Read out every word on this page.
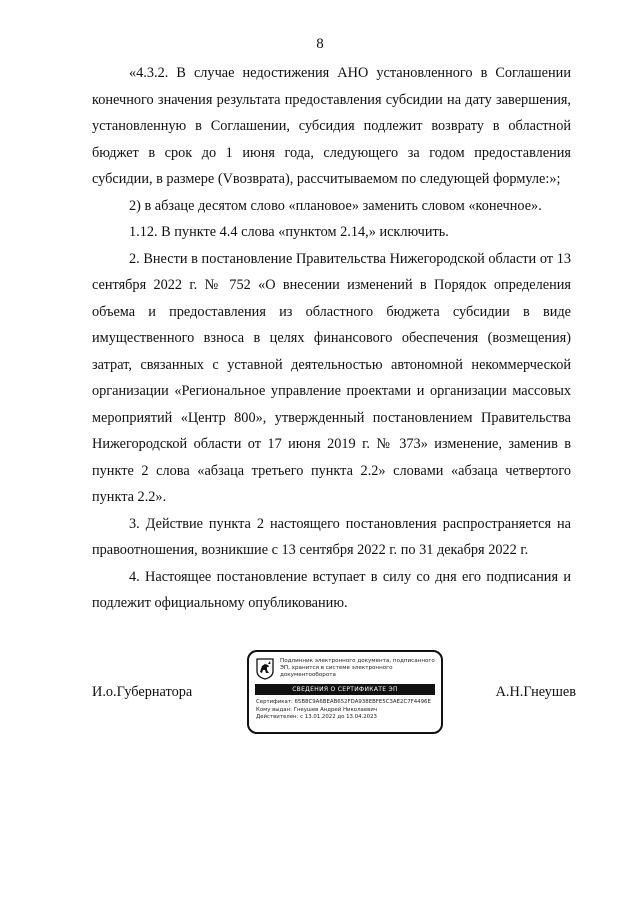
8

«4.3.2. В случае недостижения АНО установленного в Соглашении конечного значения результата предоставления субсидии на дату завершения, установленную в Соглашении, субсидия подлежит возврату в областной бюджет в срок до 1 июня года, следующего за годом предоставления субсидии, в размере (Vвозврата), рассчитываемом по следующей формуле:»;

2) в абзаце десятом слово «плановое» заменить словом «конечное».

1.12. В пункте 4.4 слова «пунктом 2.14,» исключить.

2. Внести в постановление Правительства Нижегородской области от 13 сентября 2022 г. № 752 «О внесении изменений в Порядок определения объема и предоставления из областного бюджета субсидии в виде имущественного взноса в целях финансового обеспечения (возмещения) затрат, связанных с уставной деятельностью автономной некоммерческой организации «Региональное управление проектами и организации массовых мероприятий «Центр 800», утвержденный постановлением Правительства Нижегородской области от 17 июня 2019 г. № 373» изменение, заменив в пункте 2 слова «абзаца третьего пункта 2.2» словами «абзаца четвертого пункта 2.2».

3. Действие пункта 2 настоящего постановления распространяется на правоотношения, возникшие с 13 сентября 2022 г. по 31 декабря 2022 г.

4. Настоящее постановление вступает в силу со дня его подписания и подлежит официальному опубликованию.

И.о.Губернатора	А.Н.Гнеушев
Подлинник электронного документа, подписанного ЭП, хранится в системе электронного документооборота
СВЕДЕНИЯ О СЕРТИФИКАТЕ ЭП
Сертификат: 65B8C9A6BEAB652FDA938EBFE5C3AE2C7F4496E
Кому выдан: Гнеушев Андрей Николаевич
Действителен: с 13.01.2022 до 13.04.2023
